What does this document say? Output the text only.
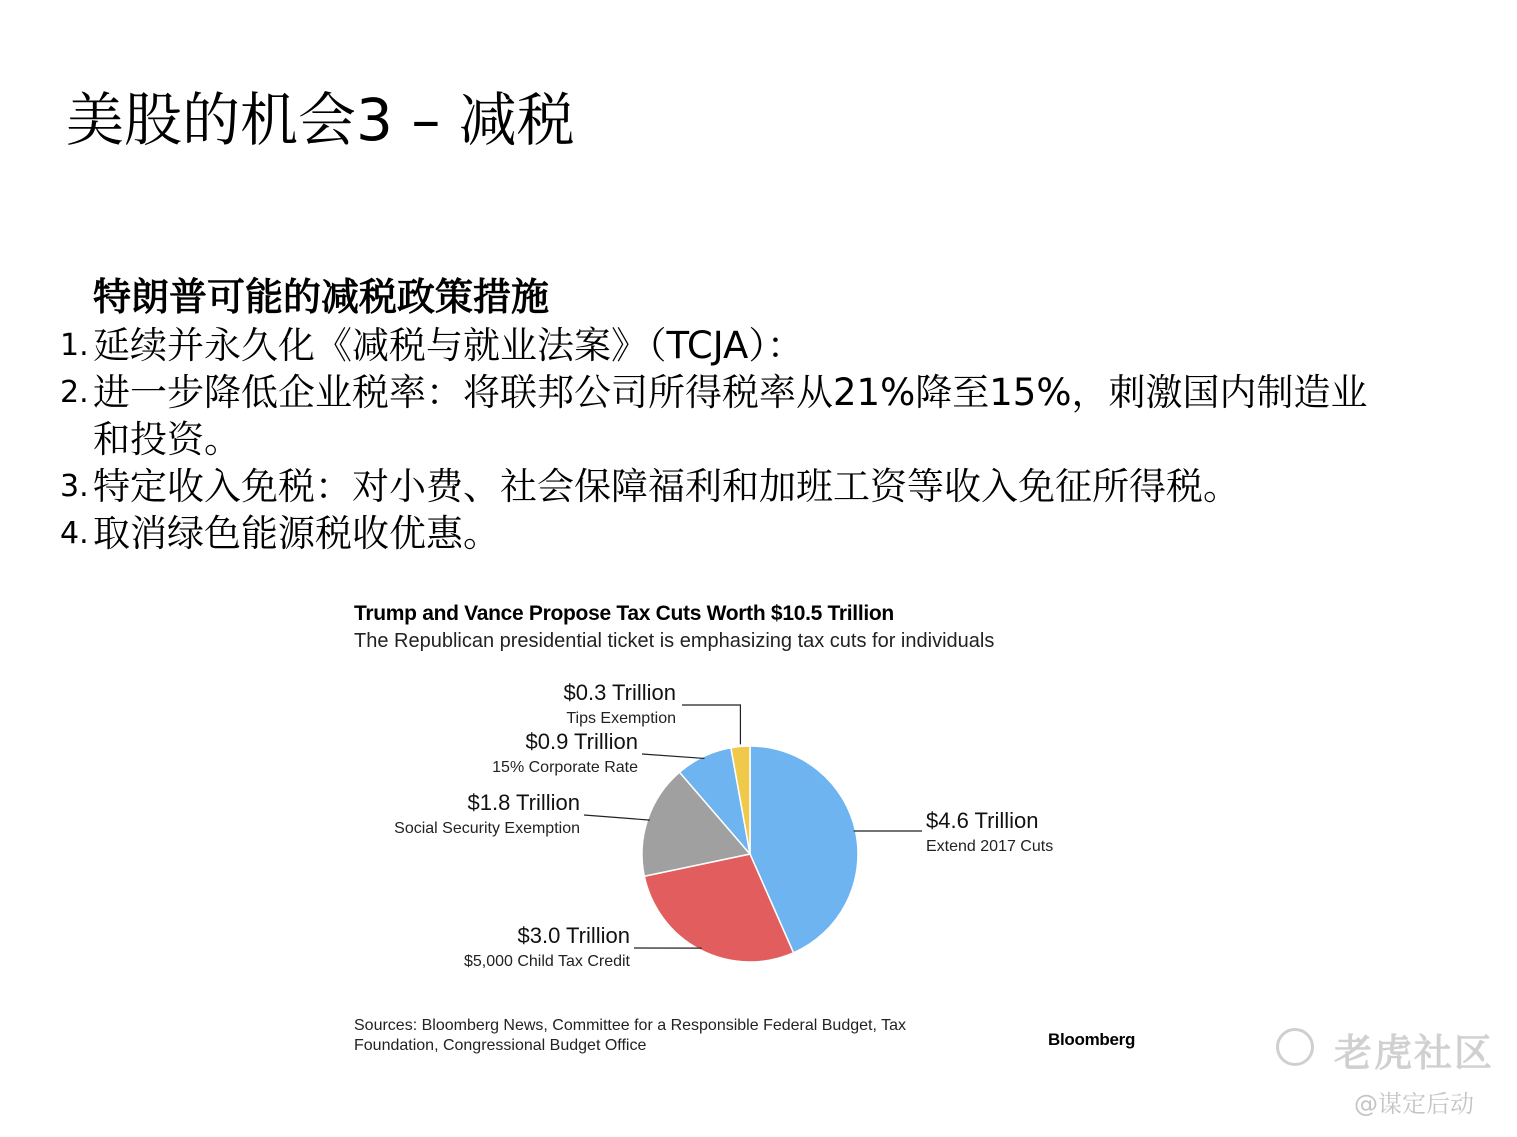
美股的机会3 – 减税
特朗普可能的减税政策措施
1. 延续并永久化《减税与就业法案》（TCJA）：
2. 进一步降低企业税率：将联邦公司所得税率从21%降至15%，刺激国内制造业
和投资。
3. 特定收入免税：对小费、社会保障福利和加班工资等收入免征所得税。
4. 取消绿色能源税收优惠。
Trump and Vance Propose Tax Cuts Worth $10.5 Trillion
The Republican presidential ticket is emphasizing tax cuts for individuals
$4.6 Trillion
Extend 2017 Cuts
$3.0 Trillion
$5,000 Child Tax Credit
$1.8 Trillion
Social Security Exemption
$0.9 Trillion
15% Corporate Rate
$0.3 Trillion
Tips Exemption
Sources: Bloomberg News, Committee for a Responsible Federal Budget, Tax Foundation, Congressional Budget Office	Bloomberg	老虎社区
@谋定后动
